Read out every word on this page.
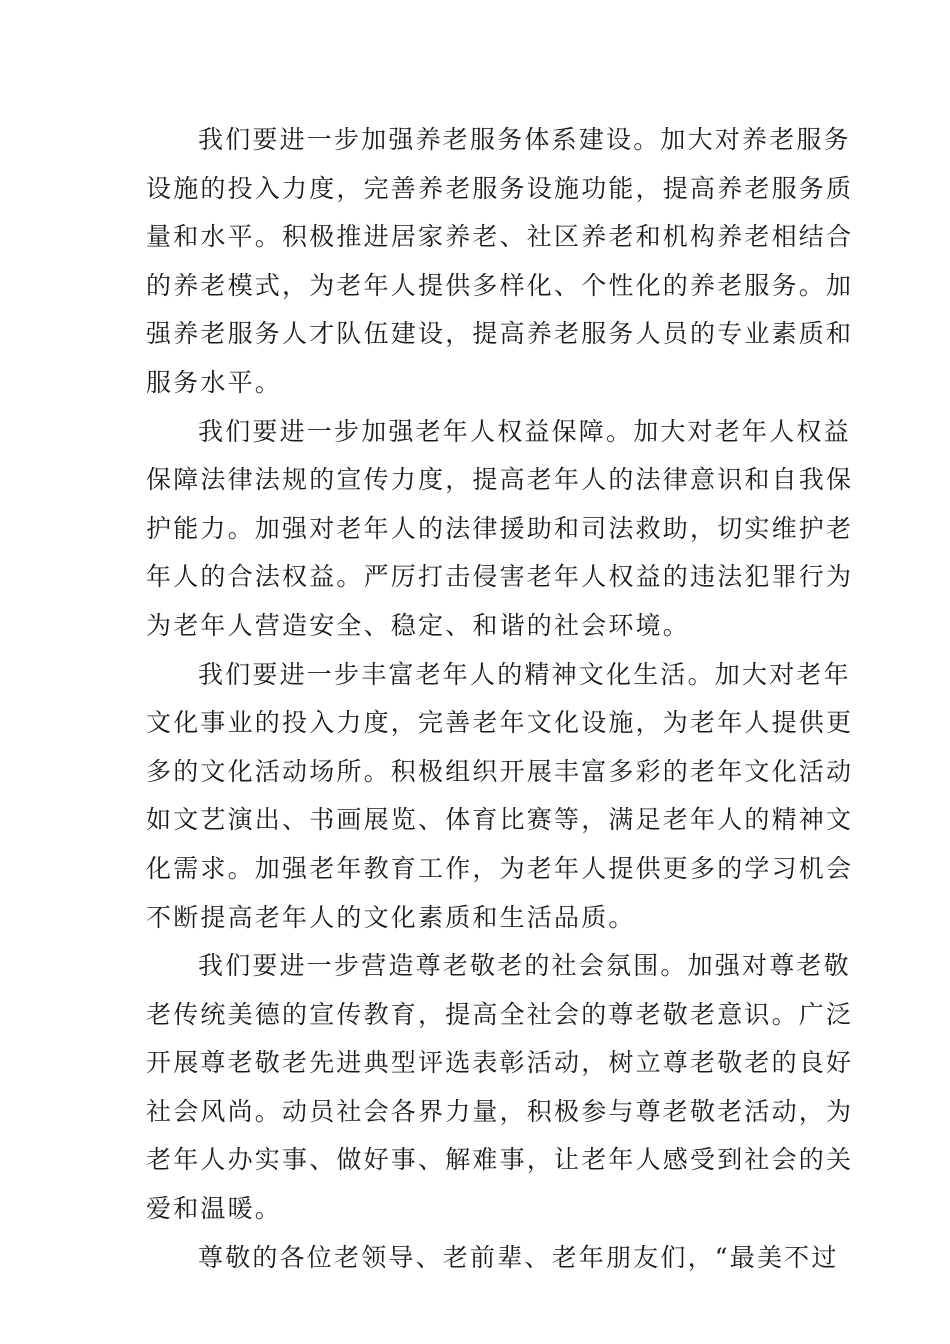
我们要进一步加强养老服务体系建设。加大对养老服务
设施的投入力度，完善养老服务设施功能，提高养老服务质
量和水平。积极推进居家养老、社区养老和机构养老相结合
的养老模式，为老年人提供多样化、个性化的养老服务。加
强养老服务人才队伍建设，提高养老服务人员的专业素质和
服务水平。
我们要进一步加强老年人权益保障。加大对老年人权益
保障法律法规的宣传力度，提高老年人的法律意识和自我保
护能力。加强对老年人的法律援助和司法救助，切实维护老
年人的合法权益。严厉打击侵害老年人权益的违法犯罪行为
为老年人营造安全、稳定、和谐的社会环境。
我们要进一步丰富老年人的精神文化生活。加大对老年
文化事业的投入力度，完善老年文化设施，为老年人提供更
多的文化活动场所。积极组织开展丰富多彩的老年文化活动
如文艺演出、书画展览、体育比赛等，满足老年人的精神文
化需求。加强老年教育工作，为老年人提供更多的学习机会
不断提高老年人的文化素质和生活品质。
我们要进一步营造尊老敬老的社会氛围。加强对尊老敬
老传统美德的宣传教育，提高全社会的尊老敬老意识。广泛
开展尊老敬老先进典型评选表彰活动，树立尊老敬老的良好
社会风尚。动员社会各界力量，积极参与尊老敬老活动，为
老年人办实事、做好事、解难事，让老年人感受到社会的关
爱和温暖。
尊敬的各位老领导、老前辈、老年朋友们，“最美不过
